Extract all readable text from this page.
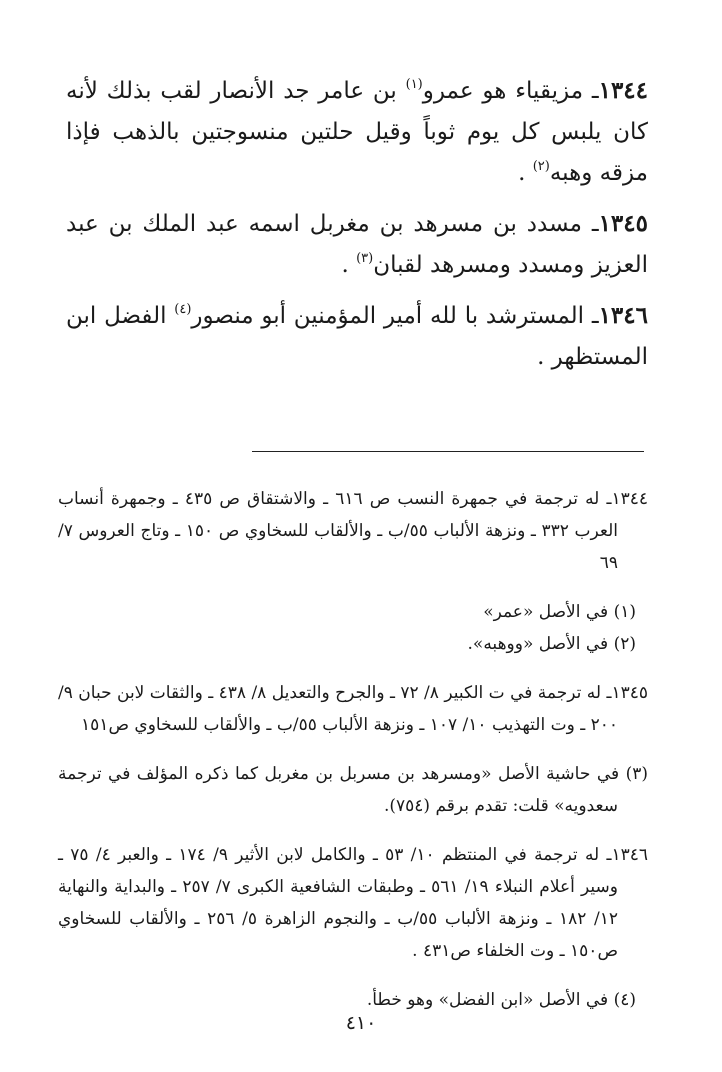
١٣٤٤ـ مزيقياء هو عمرو$^{(١)}$ بن عامر جد الأنصار لقب بذلك لأنه كان يلبس كل يوم ثوباً وقيل حلتين منسوجتين بالذهب فإذا مزقه وهبه$^{(٢)}$ .

١٣٤٥ـ مسدد بن مسرهد بن مغربل اسمه عبد الملك بن عبد العزيز ومسدد ومسرهد لقبان$^{(٣)}$ .

١٣٤٦ـ المسترشد با لله أمير المؤمنين أبو منصور$^{(٤)}$ الفضل ابن المستظهر .

١٣٤٤ـ له ترجمة في جمهرة النسب ص ٦١٦ ـ والاشتقاق ص ٤٣٥ ـ وجمهرة أنساب العرب ٣٣٢ ـ ونزهة الألباب ٥٥/ب ـ والألقاب للسخاوي ص ١٥٠ ـ وتاج العروس ٧/ ٦٩

(١) في الأصل «عمر»

(٢) في الأصل «ووهبه».

١٣٤٥ـ له ترجمة في ت الكبير ٨/ ٧٢ ـ والجرح والتعديل ٨/ ٤٣٨ ـ والثقات لابن حبان ٩/ ٢٠٠ ـ وت التهذيب ١٠/ ١٠٧ ـ ونزهة الألباب ٥٥/ب ـ والألقاب للسخاوي ص١٥١

(٣) في حاشية الأصل «ومسرهد بن مسربل بن مغربل كما ذكره المؤلف في ترجمة سعدويه» قلت: تقدم برقم (٧٥٤).

١٣٤٦ـ له ترجمة في المنتظم ١٠/ ٥٣ ـ والكامل لابن الأثير ٩/ ١٧٤ ـ والعبر ٤/ ٧٥ ـ وسير أعلام النبلاء ١٩/ ٥٦١ ـ وطبقات الشافعية الكبرى ٧/ ٢٥٧ ـ والبداية والنهاية ١٢/ ١٨٢ ـ ونزهة الألباب ٥٥/ب ـ والنجوم الزاهرة ٥/ ٢٥٦ ـ والألقاب للسخاوي ص١٥٠ ـ وت الخلفاء ص٤٣١ .

(٤) في الأصل «ابن الفضل» وهو خطأ.

٤١٠
